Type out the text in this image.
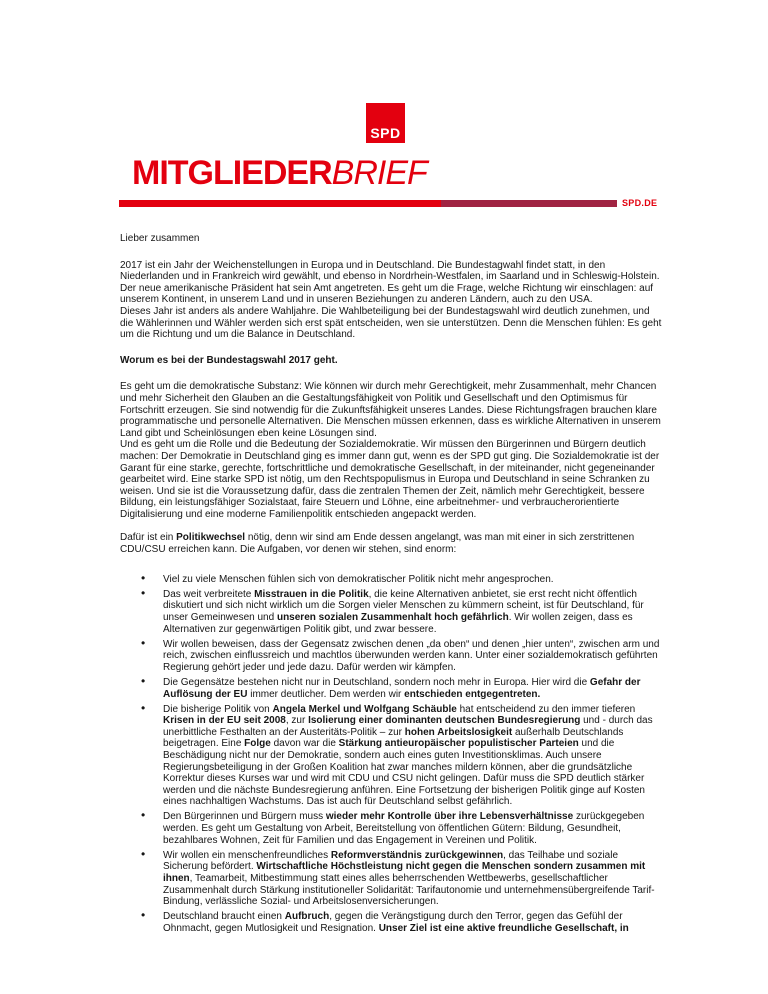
SPD
MITGLIEDERBRIEF
SPD.DE

Lieber zusammen

2017 ist ein Jahr der Weichenstellungen in Europa und in Deutschland. Die Bundestagwahl findet statt, in den Niederlanden und in Frankreich wird gewählt, und ebenso in Nordrhein-Westfalen, im Saarland und in Schleswig-Holstein. Der neue amerikanische Präsident hat sein Amt angetreten. Es geht um die Frage, welche Richtung wir einschlagen: auf unserem Kontinent, in unserem Land und in unseren Beziehungen zu anderen Ländern, auch zu den USA.

Dieses Jahr ist anders als andere Wahljahre. Die Wahlbeteiligung bei der Bundestagswahl wird deutlich zunehmen, und die Wählerinnen und Wähler werden sich erst spät entscheiden, wen sie unterstützen. Denn die Menschen fühlen: Es geht um die Richtung und um die Balance in Deutschland.

Worum es bei der Bundestagswahl 2017 geht.

Es geht um die demokratische Substanz: Wie können wir durch mehr Gerechtigkeit, mehr Zusammenhalt, mehr Chancen und mehr Sicherheit den Glauben an die Gestaltungsfähigkeit von Politik und Gesellschaft und den Optimismus für Fortschritt erzeugen. Sie sind notwendig für die Zukunftsfähigkeit unseres Landes. Diese Richtungsfragen brauchen klare programmatische und personelle Alternativen. Die Menschen müssen erkennen, dass es wirkliche Alternativen in unserem Land gibt und Scheinlösungen eben keine Lösungen sind.

Und es geht um die Rolle und die Bedeutung der Sozialdemokratie. Wir müssen den Bürgerinnen und Bürgern deutlich machen: Der Demokratie in Deutschland ging es immer dann gut, wenn es der SPD gut ging. Die Sozialdemokratie ist der Garant für eine starke, gerechte, fortschrittliche und demokratische Gesellschaft, in der miteinander, nicht gegeneinander gearbeitet wird. Eine starke SPD ist nötig, um den Rechtspopulismus in Europa und Deutschland in seine Schranken zu weisen. Und sie ist die Voraussetzung dafür, dass die zentralen Themen der Zeit, nämlich mehr Gerechtigkeit, bessere Bildung, ein leistungsfähiger Sozialstaat, faire Steuern und Löhne, eine arbeitnehmer- und verbraucherorientierte Digitalisierung und eine moderne Familienpolitik entschieden angepackt werden.

Dafür ist ein Politikwechsel nötig, denn wir sind am Ende dessen angelangt, was man mit einer in sich zerstrittenen CDU/CSU erreichen kann. Die Aufgaben, vor denen wir stehen, sind enorm:

• Viel zu viele Menschen fühlen sich von demokratischer Politik nicht mehr angesprochen.
• Das weit verbreitete Misstrauen in die Politik, die keine Alternativen anbietet, sie erst recht nicht öffentlich diskutiert und sich nicht wirklich um die Sorgen vieler Menschen zu kümmern scheint, ist für Deutschland, für unser Gemeinwesen und unseren sozialen Zusammenhalt hoch gefährlich. Wir wollen zeigen, dass es Alternativen zur gegenwärtigen Politik gibt, und zwar bessere.
• Wir wollen beweisen, dass der Gegensatz zwischen denen „da oben“ und denen „hier unten“, zwischen arm und reich, zwischen einflussreich und machtlos überwunden werden kann. Unter einer sozialdemokratisch geführten Regierung gehört jeder und jede dazu. Dafür werden wir kämpfen.
• Die Gegensätze bestehen nicht nur in Deutschland, sondern noch mehr in Europa. Hier wird die Gefahr der Auflösung der EU immer deutlicher. Dem werden wir entschieden entgegentreten.
• Die bisherige Politik von Angela Merkel und Wolfgang Schäuble hat entscheidend zu den immer tieferen Krisen in der EU seit 2008, zur Isolierung einer dominanten deutschen Bundesregierung und - durch das unerbittliche Festhalten an der Austeritäts-Politik – zur hohen Arbeitslosigkeit außerhalb Deutschlands beigetragen. Eine Folge davon war die Stärkung antieuropäischer populistischer Parteien und die Beschädigung nicht nur der Demokratie, sondern auch eines guten Investitionsklimas. Auch unsere Regierungsbeteiligung in der Großen Koalition hat zwar manches mildern können, aber die grundsätzliche Korrektur dieses Kurses war und wird mit CDU und CSU nicht gelingen. Dafür muss die SPD deutlich stärker werden und die nächste Bundesregierung anführen. Eine Fortsetzung der bisherigen Politik ginge auf Kosten eines nachhaltigen Wachstums. Das ist auch für Deutschland selbst gefährlich.
• Den Bürgerinnen und Bürgern muss wieder mehr Kontrolle über ihre Lebensverhältnisse zurückgegeben werden. Es geht um Gestaltung von Arbeit, Bereitstellung von öffentlichen Gütern: Bildung, Gesundheit, bezahlbares Wohnen, Zeit für Familien und das Engagement in Vereinen und Politik.
• Wir wollen ein menschenfreundliches Reformverständnis zurückgewinnen, das Teilhabe und soziale Sicherung befördert. Wirtschaftliche Höchstleistung nicht gegen die Menschen sondern zusammen mit ihnen, Teamarbeit, Mitbestimmung statt eines alles beherrschenden Wettbewerbs, gesellschaftlicher Zusammenhalt durch Stärkung institutioneller Solidarität: Tarifautonomie und unternehmensübergreifende Tarif-Bindung, verlässliche Sozial- und Arbeitslosenversicherungen.
• Deutschland braucht einen Aufbruch, gegen die Verängstigung durch den Terror, gegen das Gefühl der Ohnmacht, gegen Mutlosigkeit und Resignation. Unser Ziel ist eine aktive freundliche Gesellschaft, in
